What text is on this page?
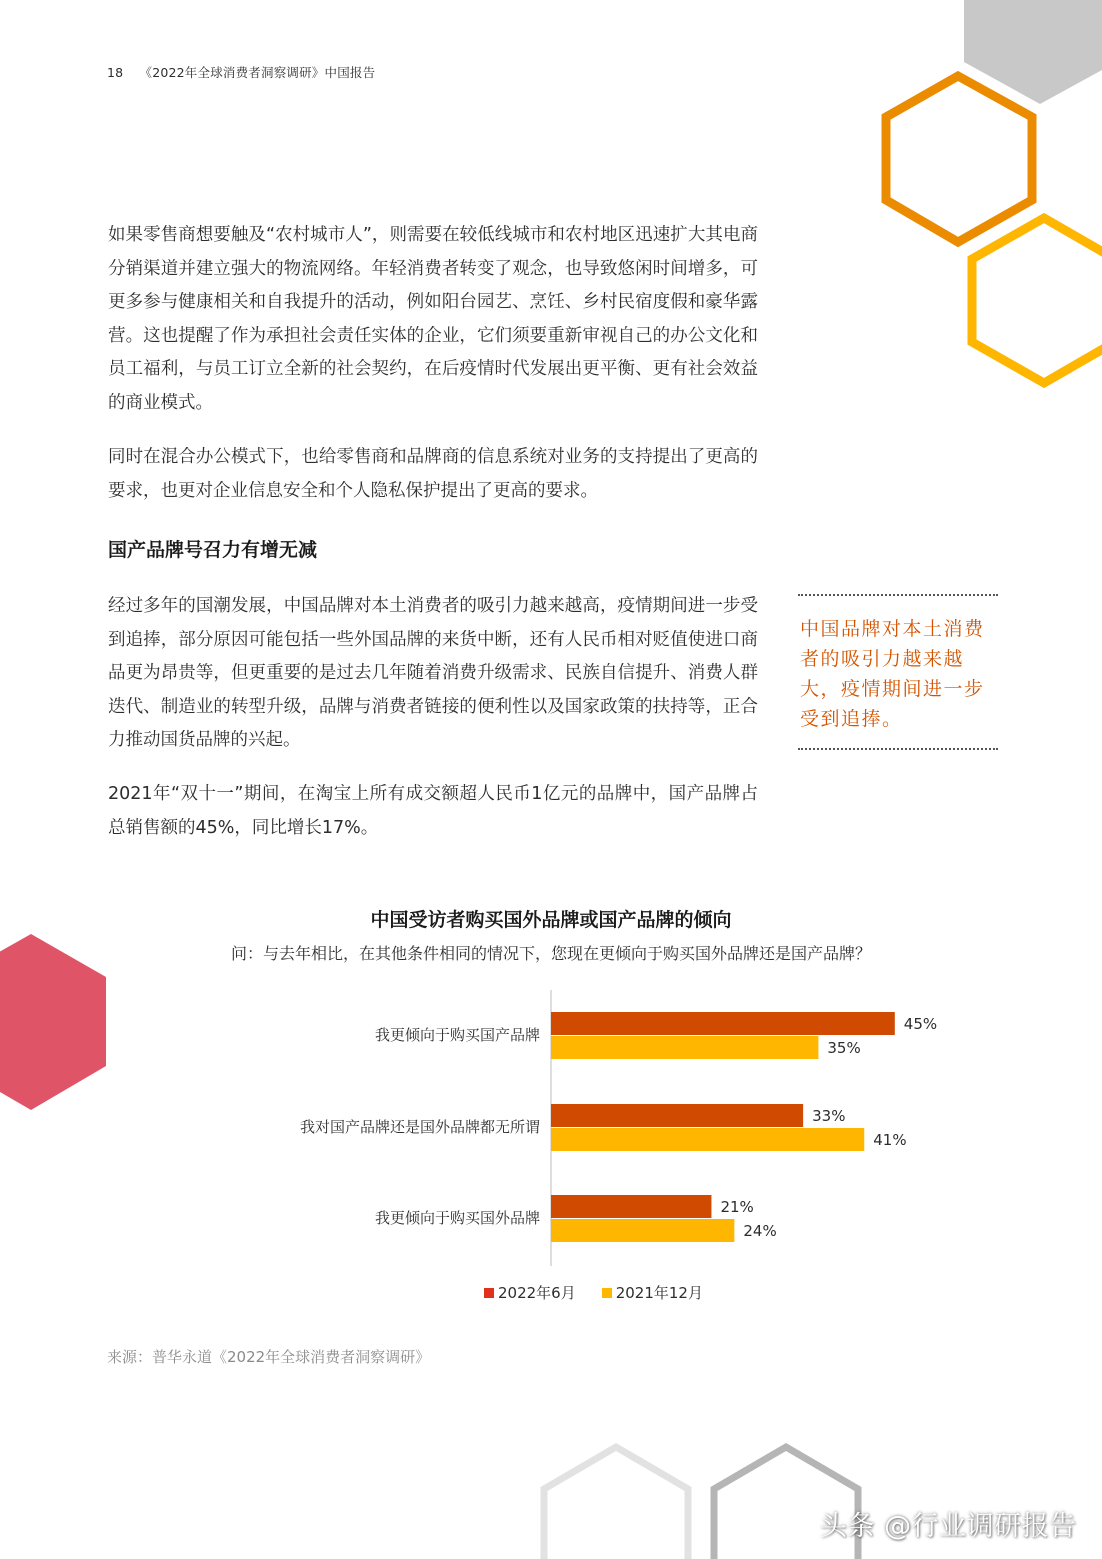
18 《2022年全球消费者洞察调研》中国报告

如果零售商想要触及“农村城市人”，则需要在较低线城市和农村地区迅速扩大其电商分销渠道并建立强大的物流网络。年轻消费者转变了观念，也导致悠闲时间增多，可更多参与健康相关和自我提升的活动，例如阳台园艺、烹饪、乡村民宿度假和豪华露营。这也提醒了作为承担社会责任实体的企业，它们须要重新审视自己的办公文化和员工福利，与员工订立全新的社会契约，在后疫情时代发展出更平衡、更有社会效益的商业模式。

同时在混合办公模式下，也给零售商和品牌商的信息系统对业务的支持提出了更高的要求，也更对企业信息安全和个人隐私保护提出了更高的要求。

国产品牌号召力有增无减

经过多年的国潮发展，中国品牌对本土消费者的吸引力越来越高，疫情期间进一步受到追捧，部分原因可能包括一些外国品牌的来货中断，还有人民币相对贬值使进口商品更为昂贵等，但更重要的是过去几年随着消费升级需求、民族自信提升、消费人群迭代、制造业的转型升级，品牌与消费者链接的便利性以及国家政策的扶持等，正合力推动国货品牌的兴起。

2021年“双十一”期间，在淘宝上所有成交额超人民币1亿元的品牌中，国产品牌占总销售额的45%，同比增长17%。

中国品牌对本土消费者的吸引力越来越大，疫情期间进一步受到追捧。

中国受访者购买国外品牌或国产品牌的倾向

问：与去年相比，在其他条件相同的情况下，您现在更倾向于购买国外品牌还是国产品牌？

我更倾向于购买国产品牌
45%
35%
我对国产品牌还是国外品牌都无所谓
33%
41%
我更倾向于购买国外品牌
21%
24%
2022年6月	2021年12月

来源：普华永道《2022年全球消费者洞察调研》

头条 @行业调研报告
